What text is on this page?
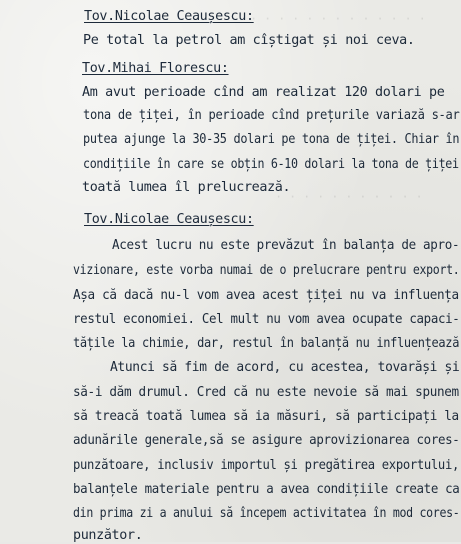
· · · · · · · · · · · · ·
· · · · · · · · · · ·
Tov.Nicolae Ceaușescu:
Pe total la petrol am cîștigat și noi ceva.
Tov.Mihai Florescu:
Am avut perioade cînd am realizat 120 dolari pe
tona de țiței, în perioade cînd prețurile variază s-ar
putea ajunge la 30-35 dolari pe tona de țiței. Chiar în
condițiile în care se obțin 6-10 dolari la tona de țiței
toată lumea îl prelucrează.
Tov.Nicolae Ceaușescu:
Acest lucru nu este prevăzut în balanța de apro-
vizionare, este vorba numai de o prelucrare pentru export.
Așa că dacă nu-l vom avea acest țiței nu va influența
restul economiei. Cel mult nu vom avea ocupate capaci-
tățile la chimie, dar, restul în balanță nu influențează
Atunci să fim de acord, cu acestea, tovarăși și
să-i dăm drumul. Cred că nu este nevoie să mai spunem
să treacă toată lumea să ia măsuri, să participați la
adunările generale,să se asigure aprovizionarea cores-
punzătoare, inclusiv importul și pregătirea exportului,
balanțele materiale pentru a avea condițiile create ca
din prima zi a anului să începem activitatea în mod cores-
punzător.
